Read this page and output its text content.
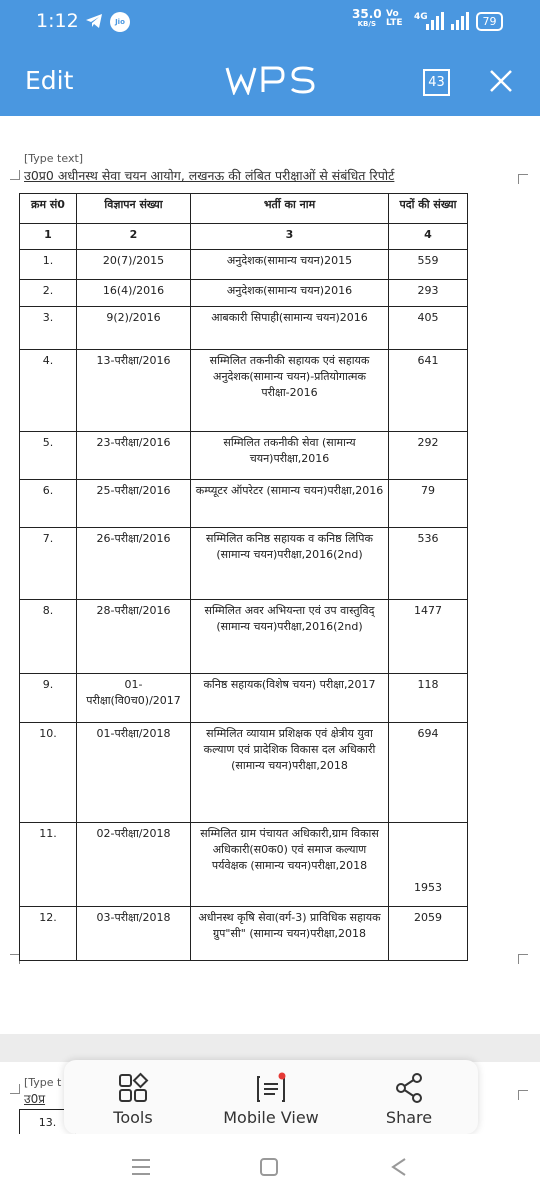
1:12	Jio
35.0
KB/S
Vo
LTE
4G	79
Edit	43
[Type text]
उ0प्र0 अधीनस्थ सेवा चयन आयोग, लखनऊ की लंबित परीक्षाओं से संबंधित रिपोर्ट
क्रम सं0	विज्ञापन संख्या	भर्ती का नाम	पदों की संख्या
1	2	3	4
1.	20(7)/2015	अनुदेशक(सामान्य चयन)2015	559
2.	16(4)/2016	अनुदेशक(सामान्य चयन)2016	293
3.	9(2)/2016	आबकारी सिपाही(सामान्य चयन)2016	405
4.	13-परीक्षा/2016	सम्मिलित तकनीकी सहायक एवं सहायक अनुदेशक(सामान्य चयन)-प्रतियोगात्मक परीक्षा-2016	641
5.	23-परीक्षा/2016	सम्मिलित तकनीकी सेवा (सामान्य चयन)परीक्षा,2016	292
6.	25-परीक्षा/2016	कम्प्यूटर ऑपरेटर (सामान्य चयन)परीक्षा,2016	79
7.	26-परीक्षा/2016	सम्मिलित कनिष्ठ सहायक व कनिष्ठ लिपिक (सामान्य चयन)परीक्षा,2016(2nd)	536
8.	28-परीक्षा/2016	सम्मिलित अवर अभियन्ता एवं उप वास्तुविद् (सामान्य चयन)परीक्षा,2016(2nd)	1477
9.	01-परीक्षा(वि0च0)/2017	कनिष्ठ सहायक(विशेष चयन) परीक्षा,2017	118
10.	01-परीक्षा/2018	सम्मिलित व्यायाम प्रशिक्षक एवं क्षेत्रीय युवा कल्याण एवं प्रादेशिक विकास दल अधिकारी (सामान्य चयन)परीक्षा,2018	694
11.	02-परीक्षा/2018	सम्मिलित ग्राम पंचायत अधिकारी,ग्राम विकास अधिकारी(स0क0) एवं समाज कल्याण पर्यवेक्षक (सामान्य चयन)परीक्षा,2018	1953
12.	03-परीक्षा/2018	अधीनस्थ कृषि सेवा(वर्ग-3) प्राविधिक सहायक ग्रुप"सी" (सामान्य चयन)परीक्षा,2018	2059
[Type t
उ0प्र
13.	Tools	Mobile View	Share
